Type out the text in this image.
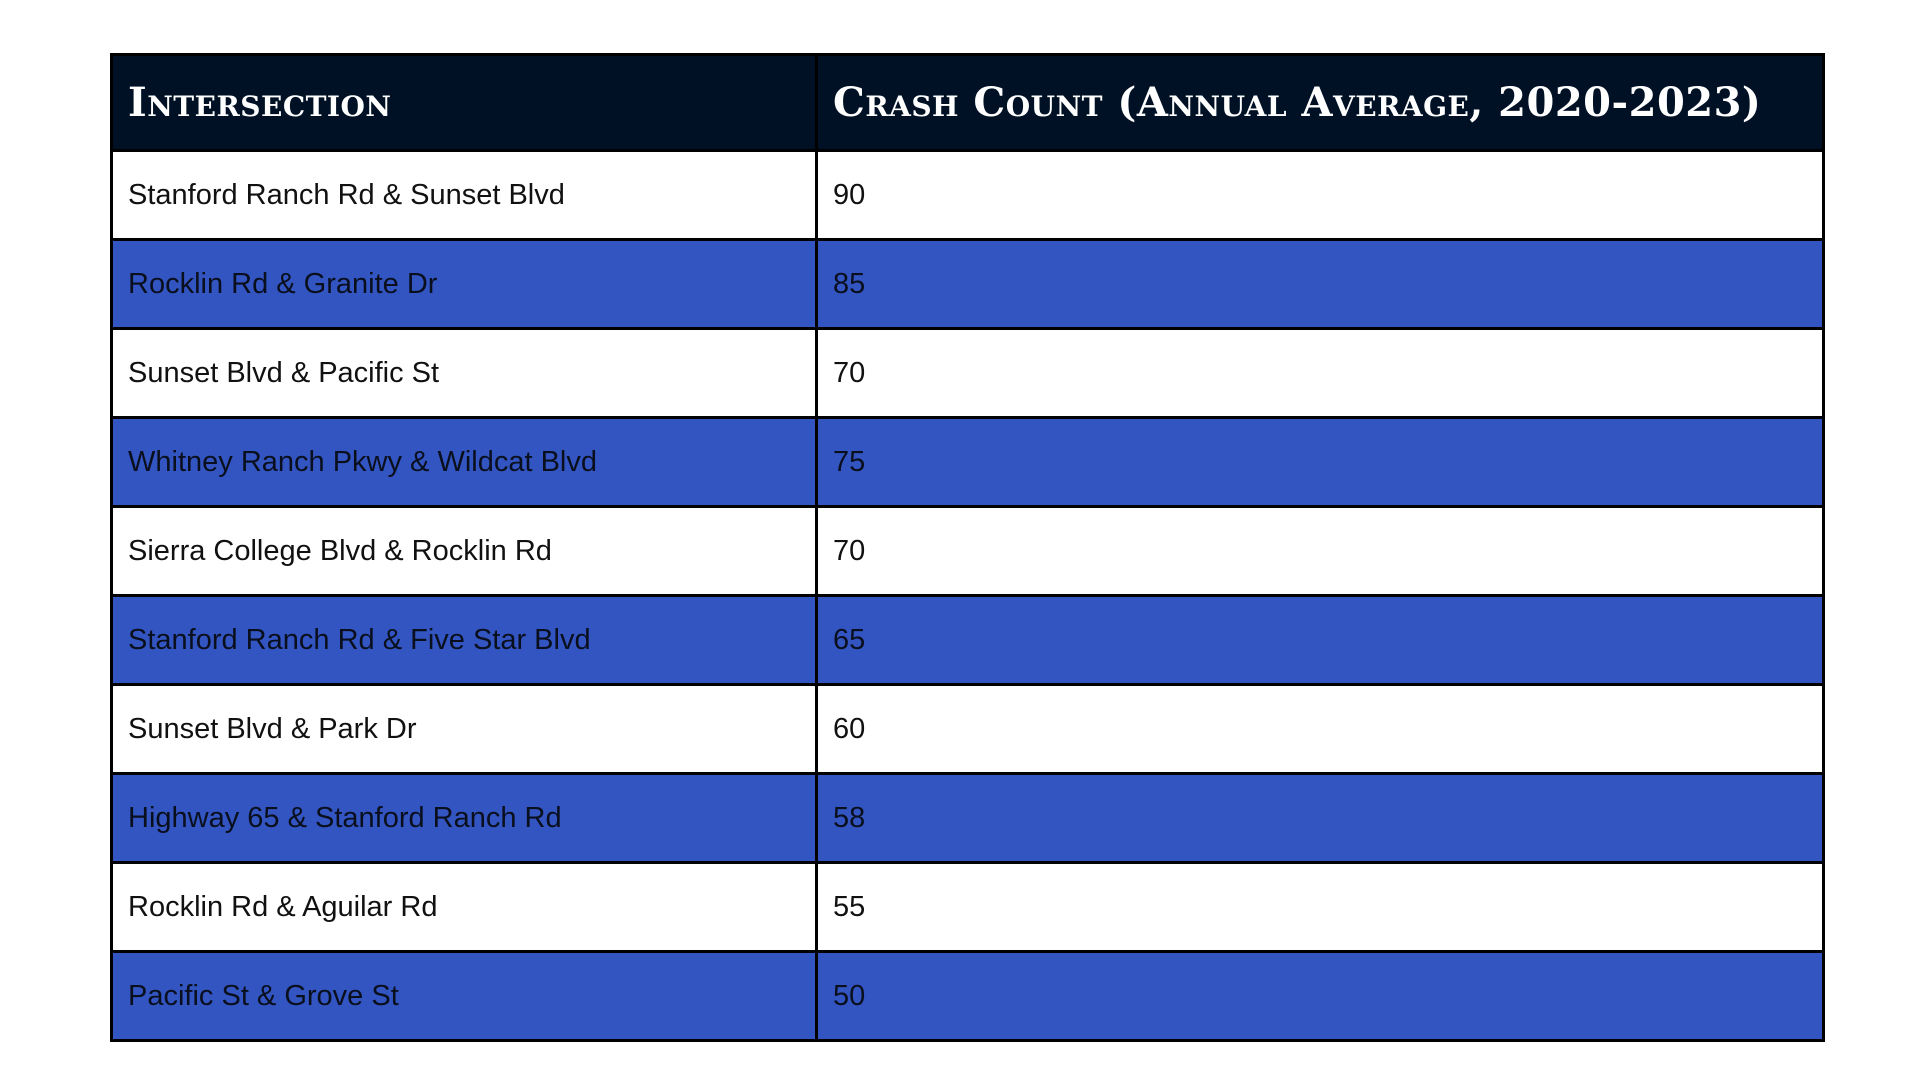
Intersection	Crash Count (Annual Average, 2020-2023)
Stanford Ranch Rd & Sunset Blvd	90
Rocklin Rd & Granite Dr	85
Sunset Blvd & Pacific St	70
Whitney Ranch Pkwy & Wildcat Blvd	75
Sierra College Blvd & Rocklin Rd	70
Stanford Ranch Rd & Five Star Blvd	65
Sunset Blvd & Park Dr	60
Highway 65 & Stanford Ranch Rd	58
Rocklin Rd & Aguilar Rd	55
Pacific St & Grove St	50
